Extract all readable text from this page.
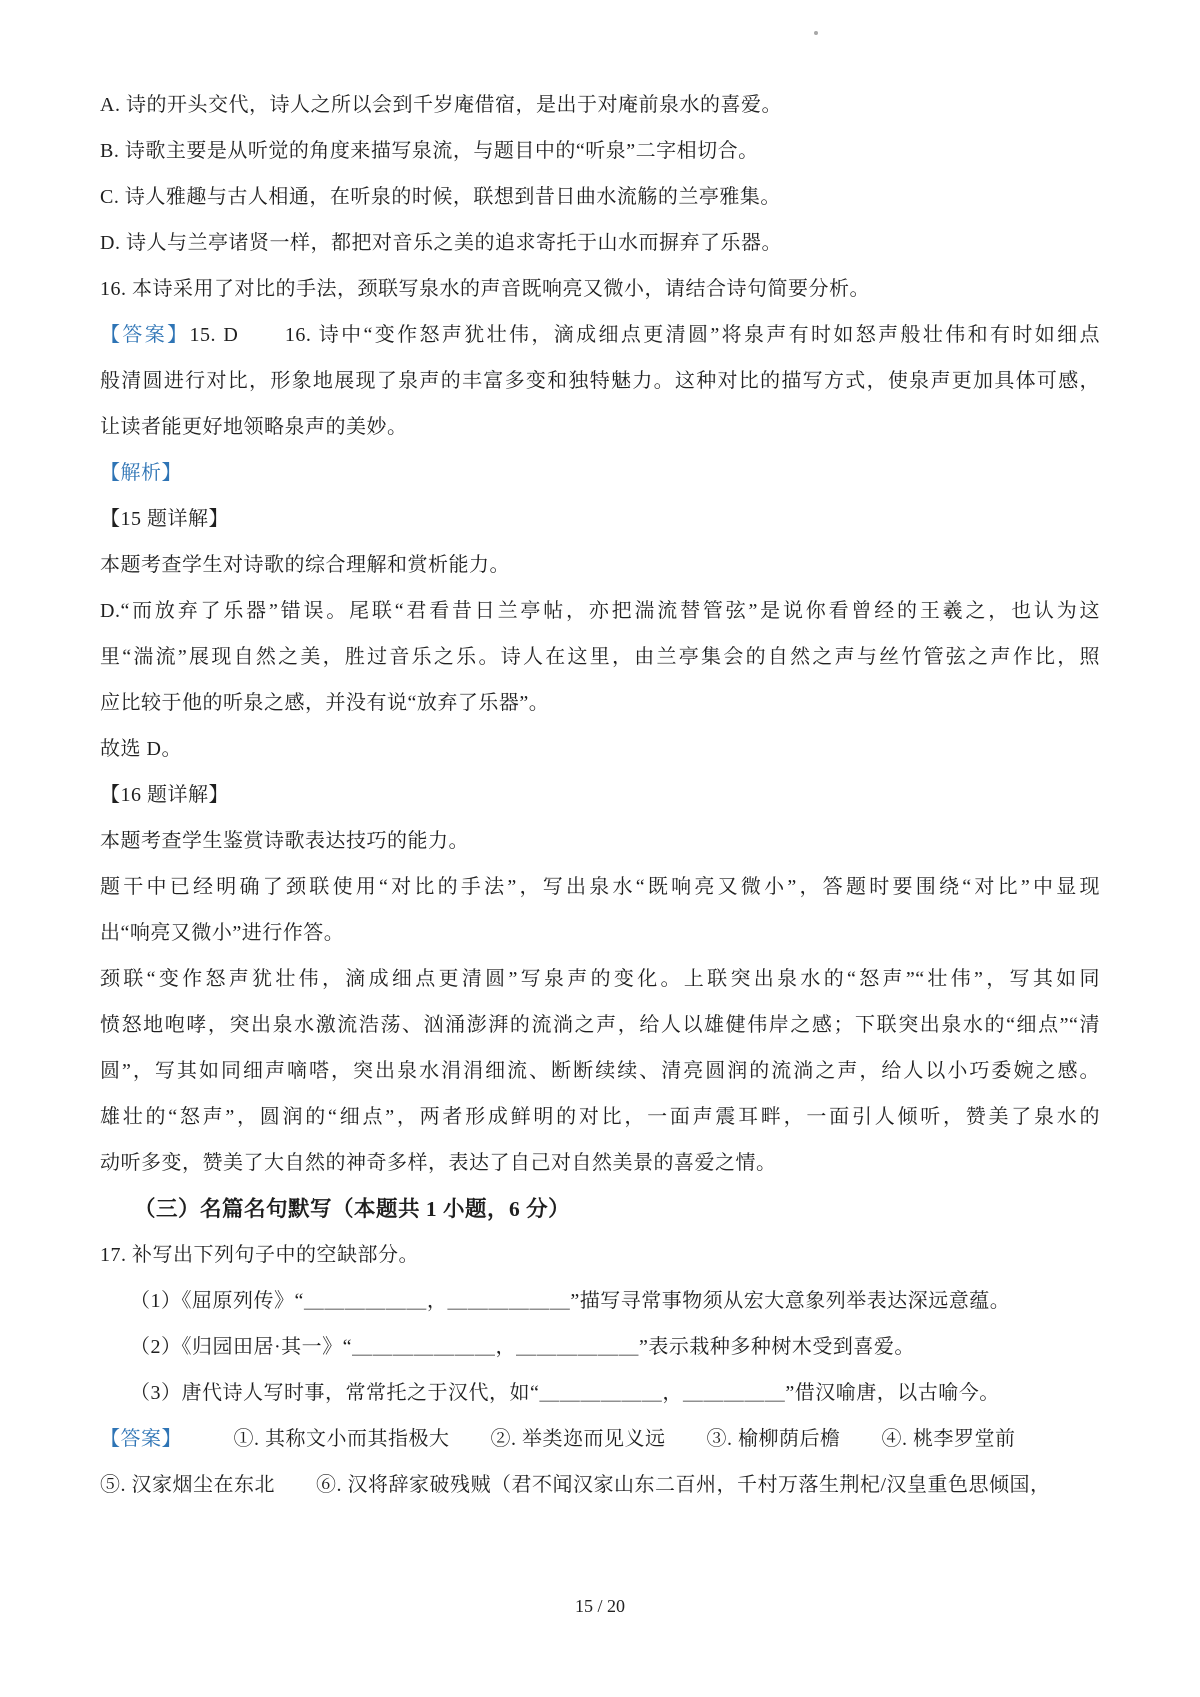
A. 诗的开头交代，诗人之所以会到千岁庵借宿，是出于对庵前泉水的喜爱。
B. 诗歌主要是从听觉的角度来描写泉流，与题目中的“听泉”二字相切合。
C. 诗人雅趣与古人相通，在听泉的时候，联想到昔日曲水流觞的兰亭雅集。
D. 诗人与兰亭诸贤一样，都把对音乐之美的追求寄托于山水而摒弃了乐器。
16. 本诗采用了对比的手法，颈联写泉水的声音既响亮又微小，请结合诗句简要分析。
【答案】15. D　　16. 诗中“变作怒声犹壮伟，滴成细点更清圆”将泉声有时如怒声般壮伟和有时如细点
般清圆进行对比，形象地展现了泉声的丰富多变和独特魅力。这种对比的描写方式，使泉声更加具体可感，
让读者能更好地领略泉声的美妙。
【解析】
【15 题详解】
本题考查学生对诗歌的综合理解和赏析能力。
D.“而放弃了乐器”错误。尾联“君看昔日兰亭帖，亦把湍流替管弦”是说你看曾经的王羲之，也认为这
里“湍流”展现自然之美，胜过音乐之乐。诗人在这里，由兰亭集会的自然之声与丝竹管弦之声作比，照
应比较于他的听泉之感，并没有说“放弃了乐器”。
故选 D。
【16 题详解】
本题考查学生鉴赏诗歌表达技巧的能力。
题干中已经明确了颈联使用“对比的手法”，写出泉水“既响亮又微小”，答题时要围绕“对比”中显现
出“响亮又微小”进行作答。
颈联“变作怒声犹壮伟，滴成细点更清圆”写泉声的变化。上联突出泉水的“怒声”“壮伟”，写其如同
愤怒地咆哮，突出泉水激流浩荡、汹涌澎湃的流淌之声，给人以雄健伟岸之感；下联突出泉水的“细点”“清
圆”，写其如同细声嘀嗒，突出泉水涓涓细流、断断续续、清亮圆润的流淌之声，给人以小巧委婉之感。
雄壮的“怒声”，圆润的“细点”，两者形成鲜明的对比，一面声震耳畔，一面引人倾听，赞美了泉水的
动听多变，赞美了大自然的神奇多样，表达了自己对自然美景的喜爱之情。
（三）名篇名句默写（本题共 1 小题，6 分）
17. 补写出下列句子中的空缺部分。
（1）《屈原列传》“＿＿＿＿＿＿，＿＿＿＿＿＿”描写寻常事物须从宏大意象列举表达深远意蕴。
（2）《归园田居·其一》“＿＿＿＿＿＿＿，＿＿＿＿＿＿”表示栽种多种树木受到喜爱。
（3）唐代诗人写时事，常常托之于汉代，如“＿＿＿＿＿＿，＿＿＿＿＿”借汉喻唐，以古喻今。
【答案】　　　①. 其称文小而其指极大　　②. 举类迩而见义远　　③. 榆柳荫后檐　　④. 桃李罗堂前
⑤. 汉家烟尘在东北　　⑥. 汉将辞家破残贼（君不闻汉家山东二百州，千村万落生荆杞/汉皇重色思倾国，
15 / 20
